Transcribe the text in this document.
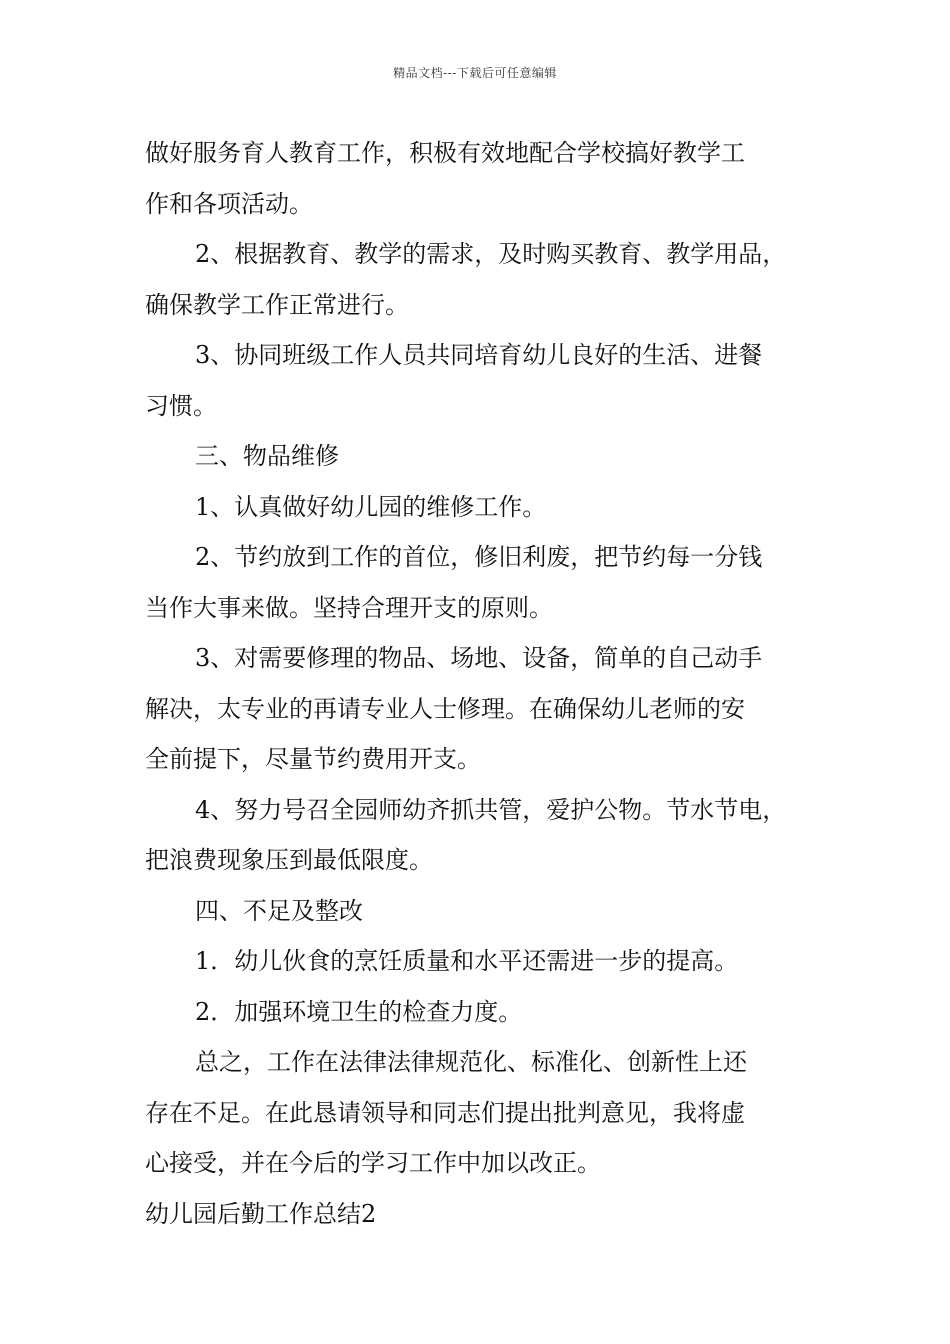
精品文档---下载后可任意编辑
做好服务育人教育工作，积极有效地配合学校搞好教学工
作和各项活动。
2、根据教育、教学的需求，及时购买教育、教学用品，
确保教学工作正常进行。
3、协同班级工作人员共同培育幼儿良好的生活、进餐
习惯。
三、物品维修
1、认真做好幼儿园的维修工作。
2、节约放到工作的首位，修旧利废，把节约每一分钱
当作大事来做。坚持合理开支的原则。
3、对需要修理的物品、场地、设备，简单的自己动手
解决，太专业的再请专业人士修理。在确保幼儿老师的安
全前提下，尽量节约费用开支。
4、努力号召全园师幼齐抓共管，爱护公物。节水节电，
把浪费现象压到最低限度。
四、不足及整改
1．幼儿伙食的烹饪质量和水平还需进一步的提高。
2．加强环境卫生的检查力度。
总之，工作在法律法律规范化、标准化、创新性上还
存在不足。在此恳请领导和同志们提出批判意见，我将虚
心接受，并在今后的学习工作中加以改正。
幼儿园后勤工作总结2
